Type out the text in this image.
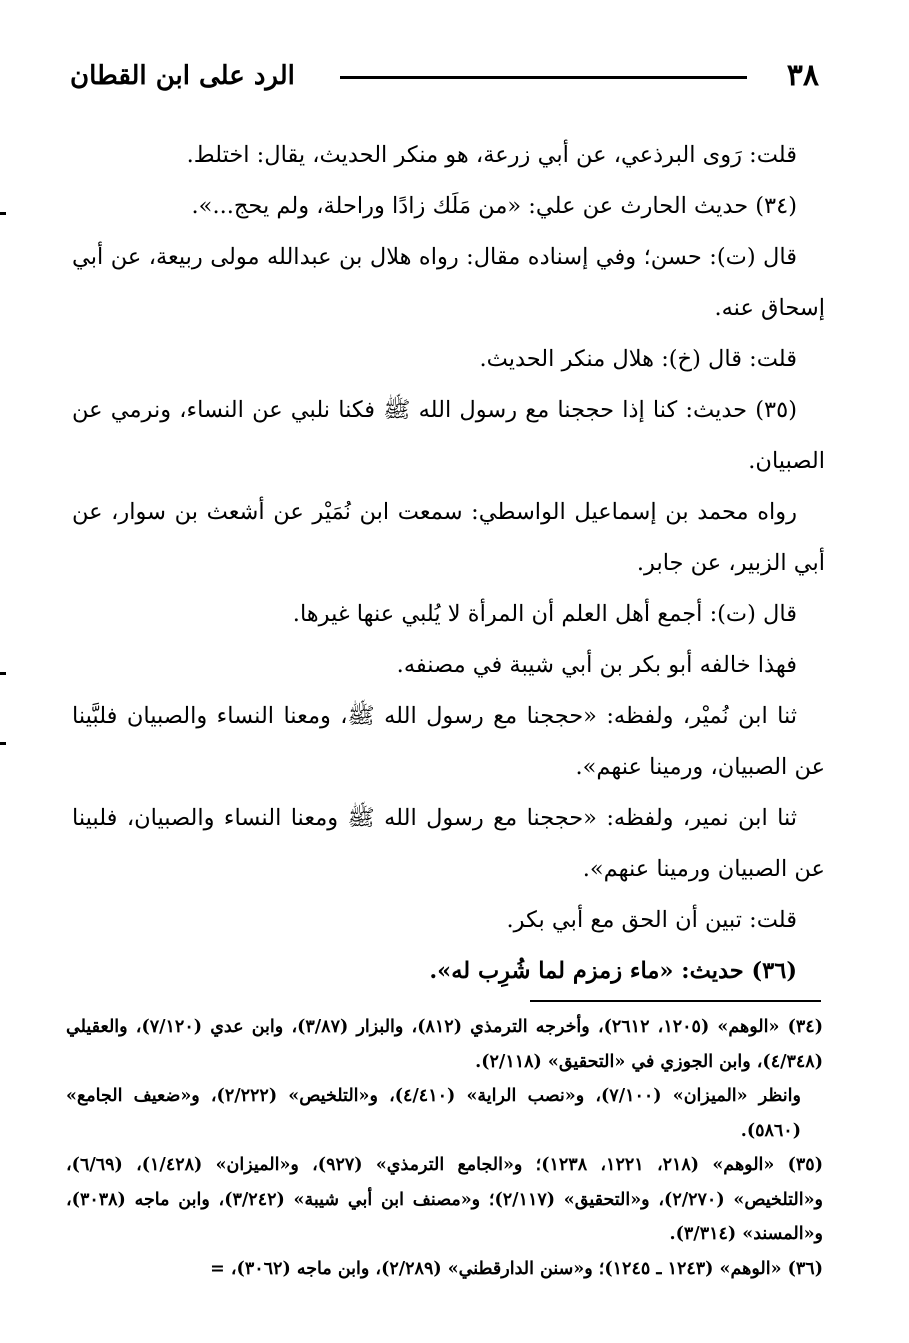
٣٨
الرد على ابن القطان

قلت: رَوى البرذعي، عن أبي زرعة، هو منكر الحديث، يقال: اختلط.

(٣٤) حديث الحارث عن علي: «من مَلَك زادًا وراحلة، ولم يحج...».

قال (ت): حسن؛ وفي إسناده مقال: رواه هلال بن عبدالله مولى ربيعة، عن أبي إسحاق عنه.

قلت: قال (خ): هلال منكر الحديث.

(٣٥) حديث: كنا إذا حججنا مع رسول الله ﷺ فكنا نلبي عن النساء، ونرمي عن الصبيان.

رواه محمد بن إسماعيل الواسطي: سمعت ابن نُمَيْر عن أشعث بن سوار، عن أبي الزبير، عن جابر.

قال (ت): أجمع أهل العلم أن المرأة لا يُلبي عنها غيرها.

فهذا خالفه أبو بكر بن أبي شيبة في مصنفه.

ثنا ابن نُميْر، ولفظه: «حججنا مع رسول الله ﷺ، ومعنا النساء والصبيان فلبَّينا عن الصبيان، ورمينا عنهم».

ثنا ابن نمير، ولفظه: «حججنا مع رسول الله ﷺ ومعنا النساء والصبيان، فلبينا عن الصبيان ورمينا عنهم».

قلت: تبين أن الحق مع أبي بكر.

(٣٦) حديث: «ماء زمزم لما شُرِب له».

(٣٤) «الوهم» (١٢٠٥، ٢٦١٢)، وأخرجه الترمذي (٨١٢)، والبزار (٣/٨٧)، وابن عدي (٧/١٢٠)، والعقيلي (٤/٣٤٨)، وابن الجوزي في «التحقيق» (٢/١١٨).

وانظر «الميزان» (٧/١٠٠)، و«نصب الراية» (٤/٤١٠)، و«التلخيص» (٢/٢٢٢)، و«ضعيف الجامع» (٥٨٦٠).

(٣٥) «الوهم» (٢١٨، ١٢٢١، ١٢٣٨)؛ و«الجامع الترمذي» (٩٢٧)، و«الميزان» (١/٤٢٨)، (٦/٦٩)، و«التلخيص» (٢/٢٧٠)، و«التحقيق» (٢/١١٧)؛ و«مصنف ابن أبي شيبة» (٣/٢٤٢)، وابن ماجه (٣٠٣٨)، و«المسند» (٣/٣١٤).

(٣٦) «الوهم» (١٢٤٣ ـ ١٢٤٥)؛ و«سنن الدارقطني» (٢/٢٨٩)، وابن ماجه (٣٠٦٢)، =
